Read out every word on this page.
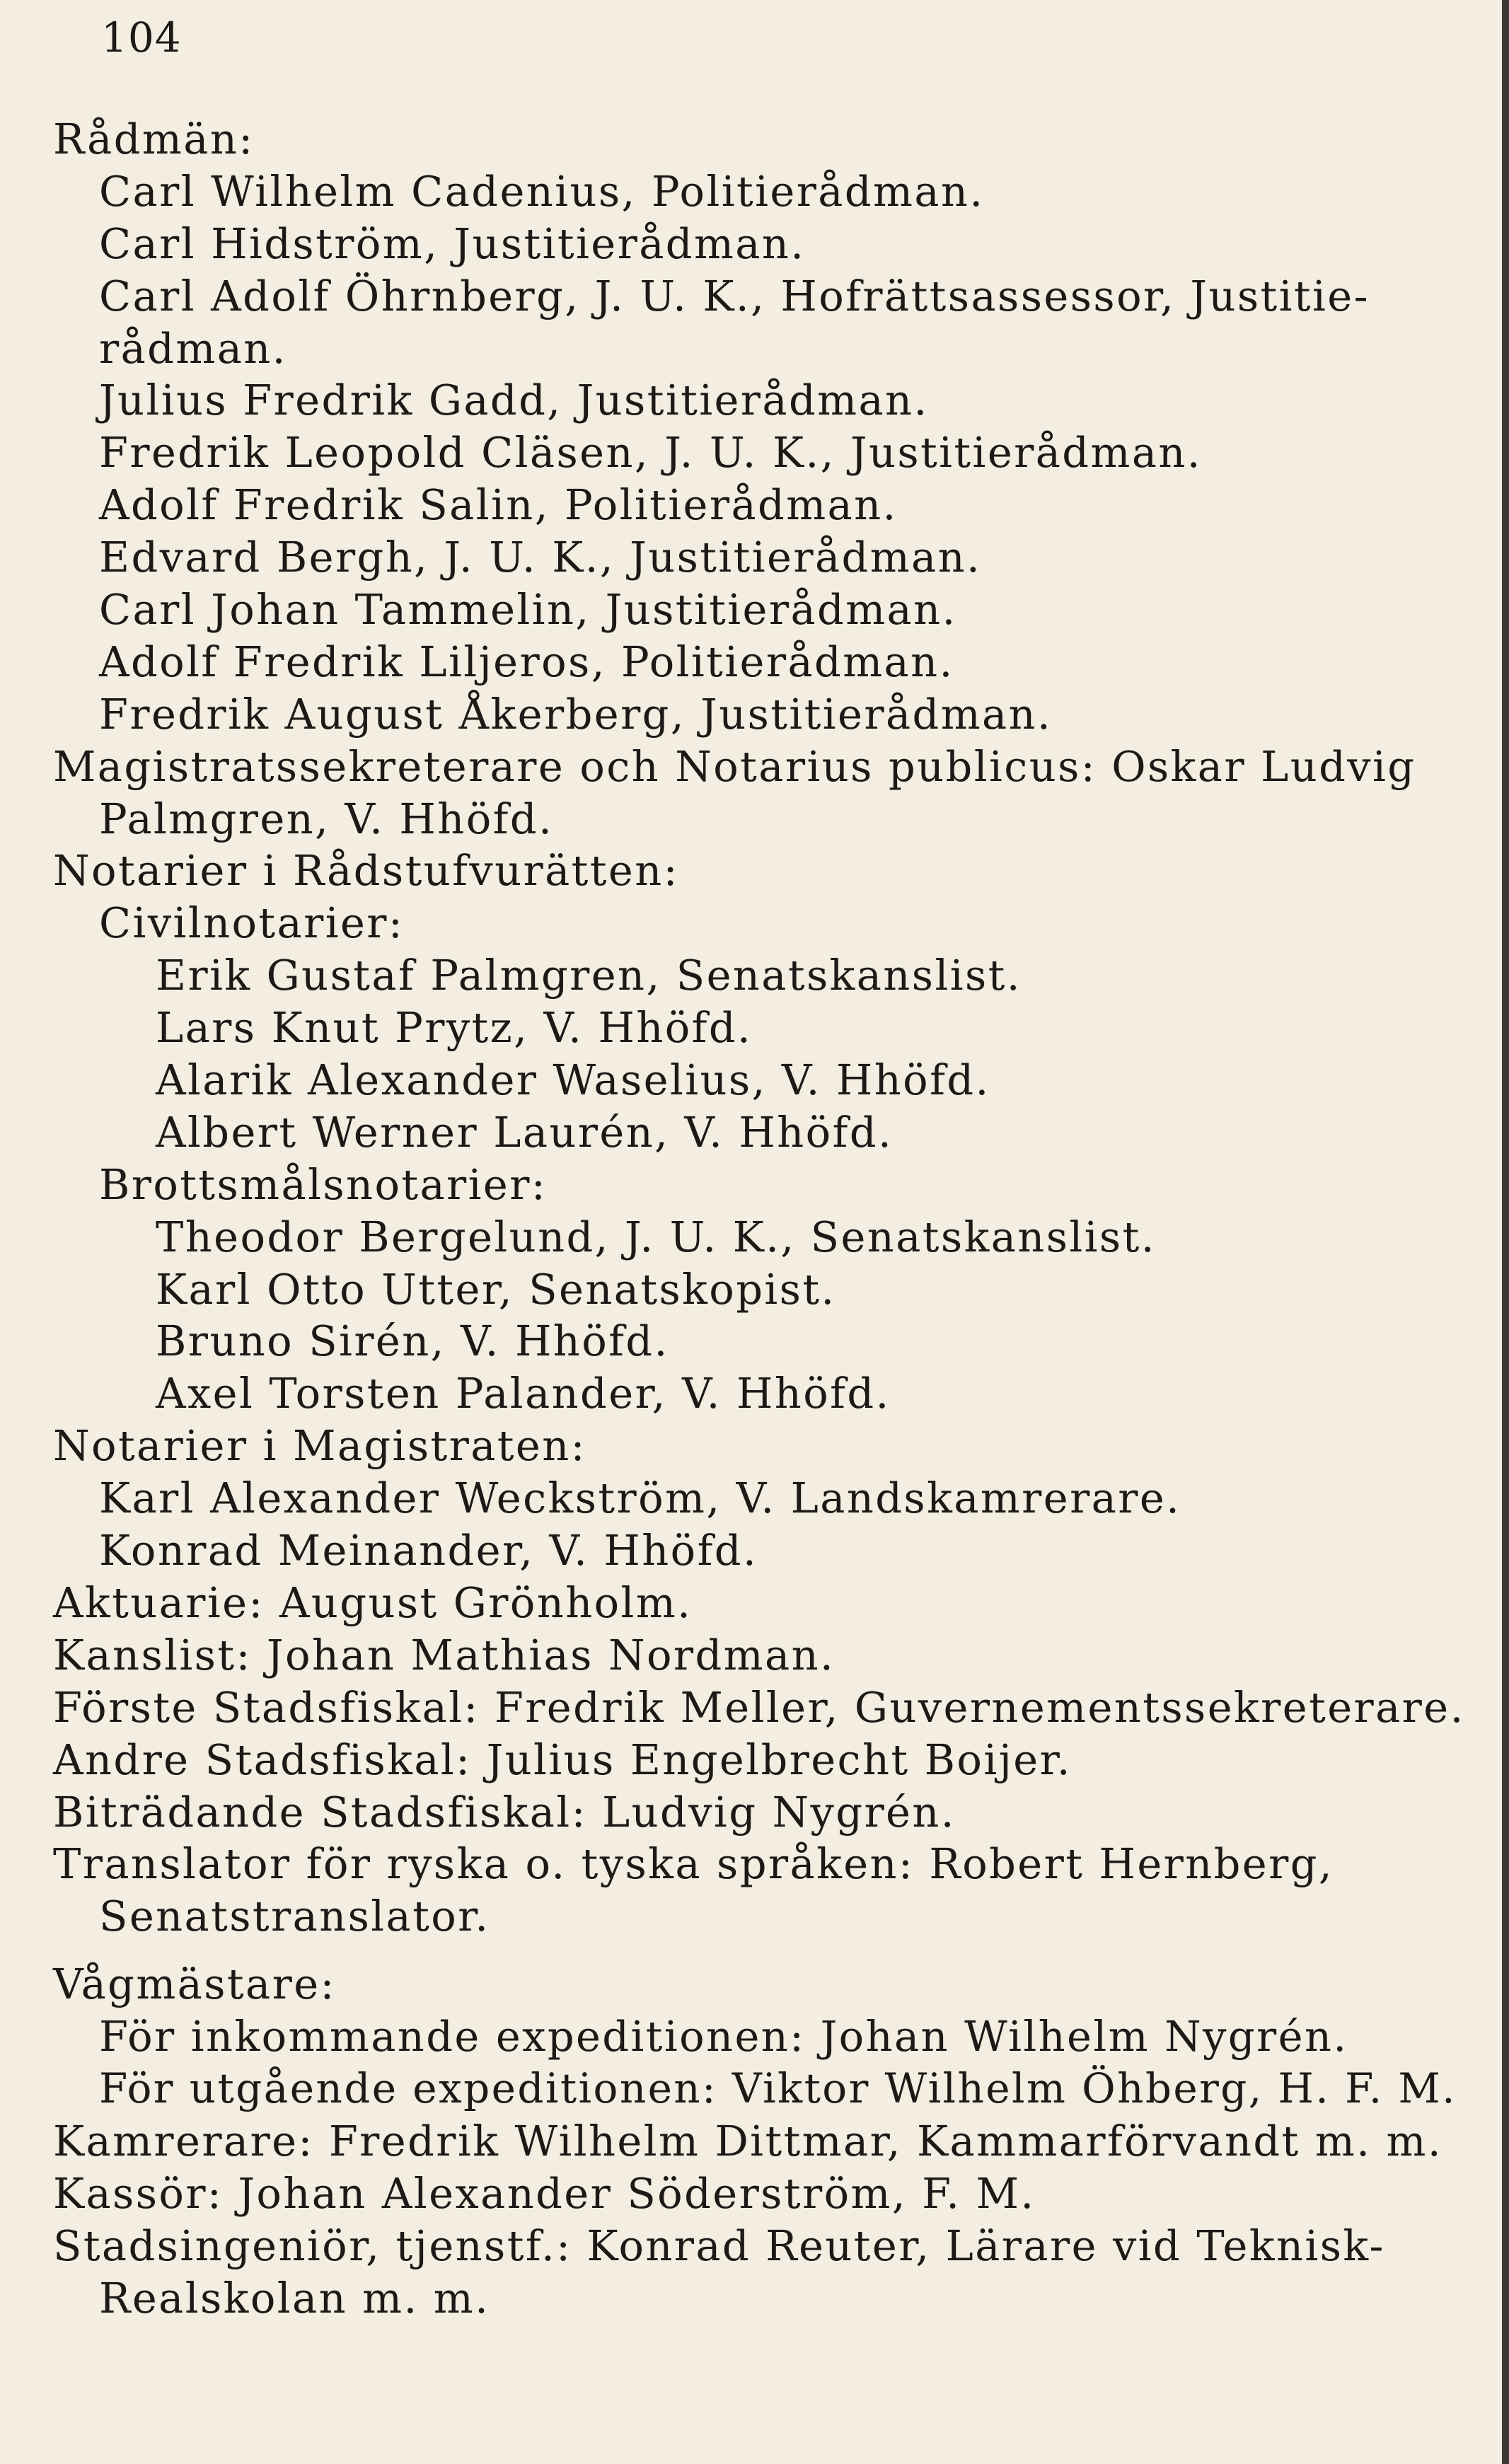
104
Rådmän:
Carl Wilhelm Cadenius, Politierådman.
Carl Hidström, Justitierådman.
Carl Adolf Öhrnberg, J. U. K., Hofrättsassessor, Justitie-
rådman.
Julius Fredrik Gadd, Justitierådman.
Fredrik Leopold Cläsen, J. U. K., Justitierådman.
Adolf Fredrik Salin, Politierådman.
Edvard Bergh, J. U. K., Justitierådman.
Carl Johan Tammelin, Justitierådman.
Adolf Fredrik Liljeros, Politierådman.
Fredrik August Åkerberg, Justitierådman.
Magistratssekreterare och Notarius publicus: Oskar Ludvig
Palmgren, V. Hhöfd.
Notarier i Rådstufvurätten:
Civilnotarier:
Erik Gustaf Palmgren, Senatskanslist.
Lars Knut Prytz, V. Hhöfd.
Alarik Alexander Waselius, V. Hhöfd.
Albert Werner Laurén, V. Hhöfd.
Brottsmålsnotarier:
Theodor Bergelund, J. U. K., Senatskanslist.
Karl Otto Utter, Senatskopist.
Bruno Sirén, V. Hhöfd.
Axel Torsten Palander, V. Hhöfd.
Notarier i Magistraten:
Karl Alexander Weckström, V. Landskamrerare.
Konrad Meinander, V. Hhöfd.
Aktuarie: August Grönholm.
Kanslist: Johan Mathias Nordman.
Förste Stadsfiskal: Fredrik Meller, Guvernementssekreterare.
Andre Stadsfiskal: Julius Engelbrecht Boijer.
Biträdande Stadsfiskal: Ludvig Nygrén.
Translator för ryska o. tyska språken: Robert Hernberg,
Senatstranslator.
Vågmästare:
För inkommande expeditionen: Johan Wilhelm Nygrén.
För utgående expeditionen: Viktor Wilhelm Öhberg, H. F. M.
Kamrerare: Fredrik Wilhelm Dittmar, Kammarförvandt m. m.
Kassör: Johan Alexander Söderström, F. M.
Stadsingeniör, tjenstf.: Konrad Reuter, Lärare vid Teknisk-
Realskolan m. m.
